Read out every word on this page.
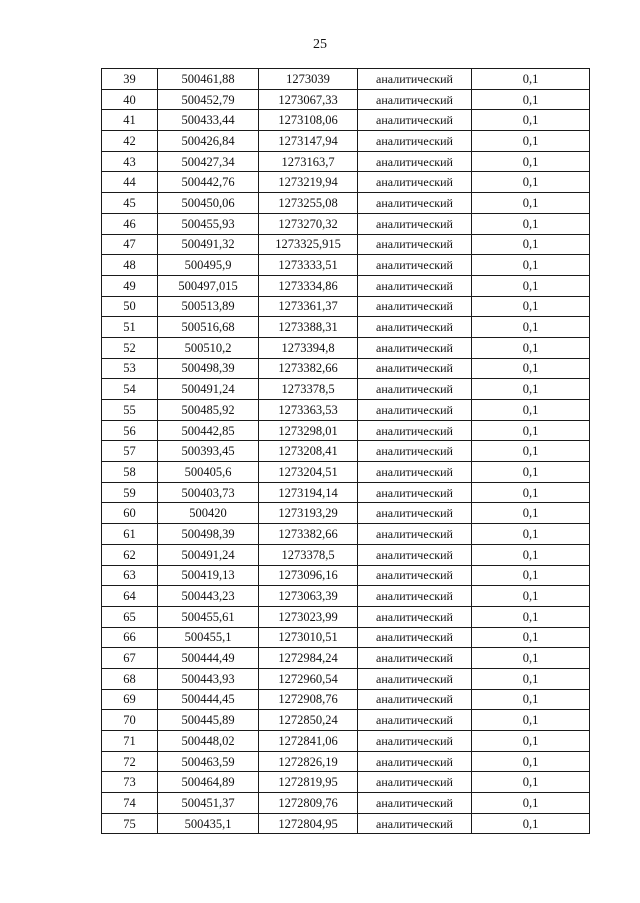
25
39	500461,88	1273039	аналитический	0,1
40	500452,79	1273067,33	аналитический	0,1
41	500433,44	1273108,06	аналитический	0,1
42	500426,84	1273147,94	аналитический	0,1
43	500427,34	1273163,7	аналитический	0,1
44	500442,76	1273219,94	аналитический	0,1
45	500450,06	1273255,08	аналитический	0,1
46	500455,93	1273270,32	аналитический	0,1
47	500491,32	1273325,915	аналитический	0,1
48	500495,9	1273333,51	аналитический	0,1
49	500497,015	1273334,86	аналитический	0,1
50	500513,89	1273361,37	аналитический	0,1
51	500516,68	1273388,31	аналитический	0,1
52	500510,2	1273394,8	аналитический	0,1
53	500498,39	1273382,66	аналитический	0,1
54	500491,24	1273378,5	аналитический	0,1
55	500485,92	1273363,53	аналитический	0,1
56	500442,85	1273298,01	аналитический	0,1
57	500393,45	1273208,41	аналитический	0,1
58	500405,6	1273204,51	аналитический	0,1
59	500403,73	1273194,14	аналитический	0,1
60	500420	1273193,29	аналитический	0,1
61	500498,39	1273382,66	аналитический	0,1
62	500491,24	1273378,5	аналитический	0,1
63	500419,13	1273096,16	аналитический	0,1
64	500443,23	1273063,39	аналитический	0,1
65	500455,61	1273023,99	аналитический	0,1
66	500455,1	1273010,51	аналитический	0,1
67	500444,49	1272984,24	аналитический	0,1
68	500443,93	1272960,54	аналитический	0,1
69	500444,45	1272908,76	аналитический	0,1
70	500445,89	1272850,24	аналитический	0,1
71	500448,02	1272841,06	аналитический	0,1
72	500463,59	1272826,19	аналитический	0,1
73	500464,89	1272819,95	аналитический	0,1
74	500451,37	1272809,76	аналитический	0,1
75	500435,1	1272804,95	аналитический	0,1
